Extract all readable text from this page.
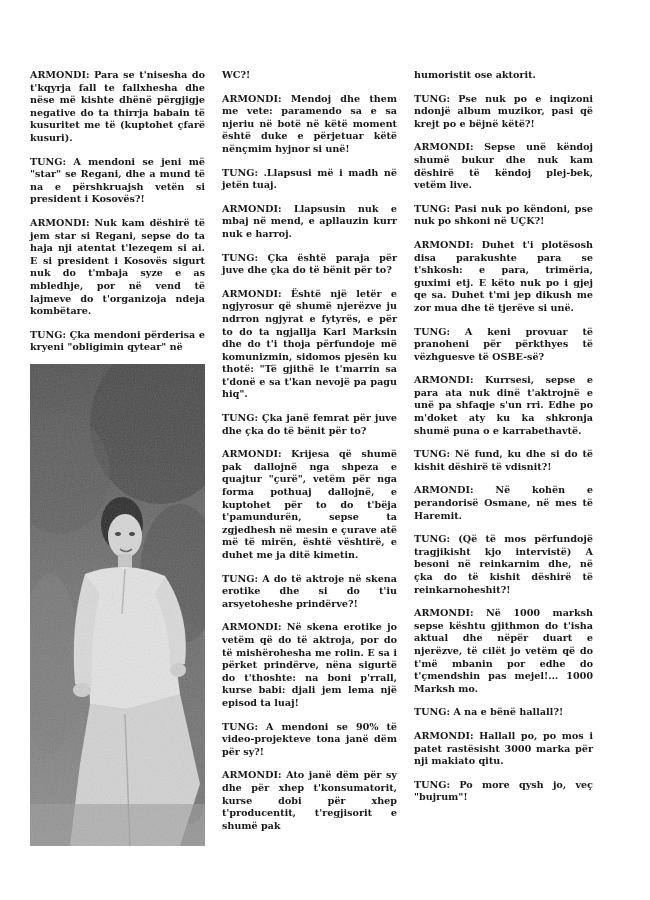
ARMONDI: Para se t'nisesha do t'kqyrja fall te fallxhesha dhe nëse më kishte dhënë përgjigje negative do ta thirrja babain të kusuritet me të (kuptohet çfarë kusuri).

TUNG: A mendoni se jeni më "star" se Regani, dhe a mund të na e përshkruajsh vetën si president i Kosovës?!

ARMONDI: Nuk kam dëshirë të jem star si Regani, sepse do ta haja nji atentat t'lezeqem si ai. E si president i Kosovës sigurt nuk do t'mbaja syze e as mbledhje, por në vend të lajmeve do t'organizoja ndeja kombëtare.

TUNG: Çka mendoni përderisa e kryeni "obligimin qytear" në

WC?!

ARMONDI: Mendoj dhe them me vete: paramendo sa e sa njeriu në botë në këtë moment është duke e përjetuar këtë nënçmim hyjnor si unë!

TUNG: .Llapsusi më i madh në jetën tuaj.

ARMONDI: Llapsusin nuk e mbaj në mend, e apllauzin kurr nuk e harroj.

TUNG: Çka është paraja për juve dhe çka do të bënit për to?

ARMONDI: Është një letër e ngjyrosur që shumë njerëzve ju ndrron ngjyrat e fytyrës, e për to do ta ngjallja Karl Marksin dhe do t'i thoja përfundoje më komunizmin, sidomos pjesën ku thotë: "Të gjithë le t'marrin sa t'donë e sa t'kan nevojë pa pagu hiq".

TUNG: Çka janë femrat për juve dhe çka do të bënit për to?

ARMONDI: Krijesa që shumë pak dallojnë nga shpeza e quajtur "çurë", vetëm për nga forma pothuaj dallojnë, e kuptohet për to do t'bëja t'pamundurën, sepse ta zgjedhesh në mesin e çurave atë më të mirën, është vështirë, e duhet me ja ditë kimetin.

TUNG: A do të aktroje në skena erotike dhe si do t'iu arsyetoheshe prindërve?!

ARMONDI: Në skena erotike jo vetëm që do të aktroja, por do të mishërohesha me rolin. E sa i përket prindërve, nëna sigurtë do t'thoshte: na boni p'rrall, kurse babi: djali jem lema një episod ta luaj!

TUNG: A mendoni se 90% të video-projekteve tona janë dëm për sy?!

ARMONDI: Ato janë dëm për sy dhe për xhep t'konsumatorit, kurse dobi për xhep t'producentit, t'regjisorit e shumë pak

humoristit ose aktorit.

TUNG: Pse nuk po e inqizoni ndonjë album muzikor, pasi që krejt po e bëjnë këtë?!

ARMONDI: Sepse unë këndoj shumë bukur dhe nuk kam dëshirë të këndoj plej-bek, vetëm live.

TUNG: Pasi nuk po këndoni, pse nuk po shkoni në UÇK?!

ARMONDI: Duhet t'i plotësosh disa parakushte para se t'shkosh: e para, trimëria, guximi etj. E këto nuk po i gjej qe sa. Duhet t'mi jep dikush me zor mua dhe të tjerëve si unë.

TUNG: A keni provuar të pranoheni për përkthyes të vëzhguesve të OSBE-së?

ARMONDI: Kurrsesi, sepse e para ata nuk dinë t'aktrojnë e unë pa shfaqje s'un rri. Edhe po m'doket aty ku ka shkronja shumë puna o e karrabethavtë.

TUNG: Në fund, ku dhe si do të kishit dëshirë të vdisnit?!

ARMONDI: Në kohën e perandorisë Osmane, në mes të Haremit.

TUNG: (Që të mos përfundojë tragjikisht kjo intervistë) A besoni në reinkarnim dhe, në çka do të kishit dëshirë të reinkarnoheshit?!

ARMONDI: Në 1000 marksh sepse kështu gjithmon do t'isha aktual dhe nëpër duart e njerëzve, të cilët jo vetëm që do t'më mbanin por edhe do t'çmendshin pas mejel!... 1000 Marksh mo.

TUNG: A na e bënë hallall?!

ARMONDI: Hallall po, po mos i patet rastësisht 3000 marka për nji makiato qitu.

TUNG: Po more qysh jo, veç "bujrum"!
